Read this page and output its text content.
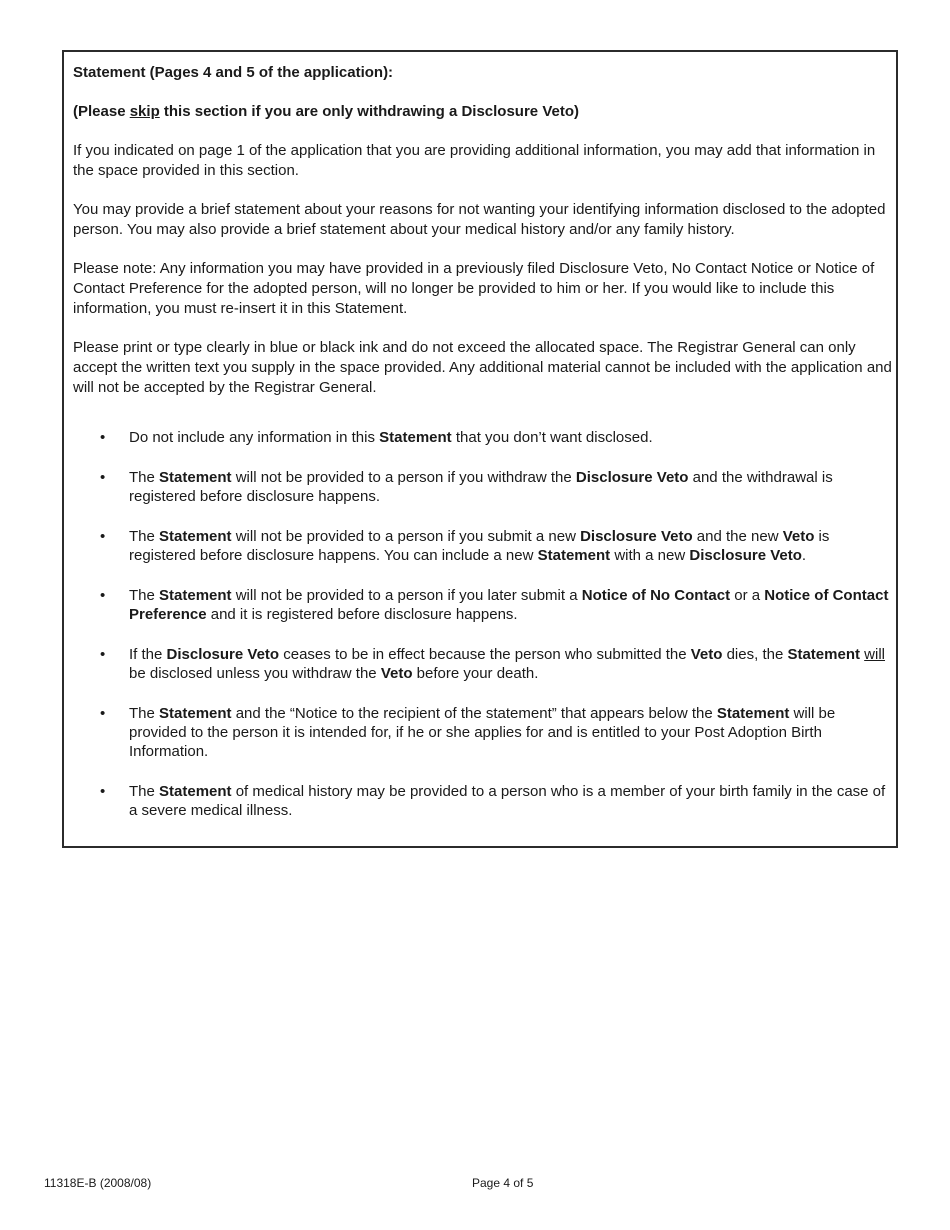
Statement (Pages 4 and 5 of the application):

(Please skip this section if you are only withdrawing a Disclosure Veto)

If you indicated on page 1 of the application that you are providing additional information, you may add that information in the space provided in this section.

You may provide a brief statement about your reasons for not wanting your identifying information disclosed to the adopted person. You may also provide a brief statement about your medical history and/or any family history.

Please note: Any information you may have provided in a previously filed Disclosure Veto, No Contact Notice or Notice of Contact Preference for the adopted person, will no longer be provided to him or her. If you would like to include this information, you must re-insert it in this Statement.

Please print or type clearly in blue or black ink and do not exceed the allocated space. The Registrar General can only accept the written text you supply in the space provided. Any additional material cannot be included with the application and will not be accepted by the Registrar General.

• Do not include any information in this Statement that you don’t want disclosed.
• The Statement will not be provided to a person if you withdraw the Disclosure Veto and the withdrawal is registered before disclosure happens.
• The Statement will not be provided to a person if you submit a new Disclosure Veto and the new Veto is registered before disclosure happens. You can include a new Statement with a new Disclosure Veto.
• The Statement will not be provided to a person if you later submit a Notice of No Contact or a Notice of Contact Preference and it is registered before disclosure happens.
• If the Disclosure Veto ceases to be in effect because the person who submitted the Veto dies, the Statement will be disclosed unless you withdraw the Veto before your death.
• The Statement and the “Notice to the recipient of the statement” that appears below the Statement will be provided to the person it is intended for, if he or she applies for and is entitled to your Post Adoption Birth Information.
• The Statement of medical history may be provided to a person who is a member of your birth family in the case of a severe medical illness.
11318E-B (2008/08)	Page 4 of 5
